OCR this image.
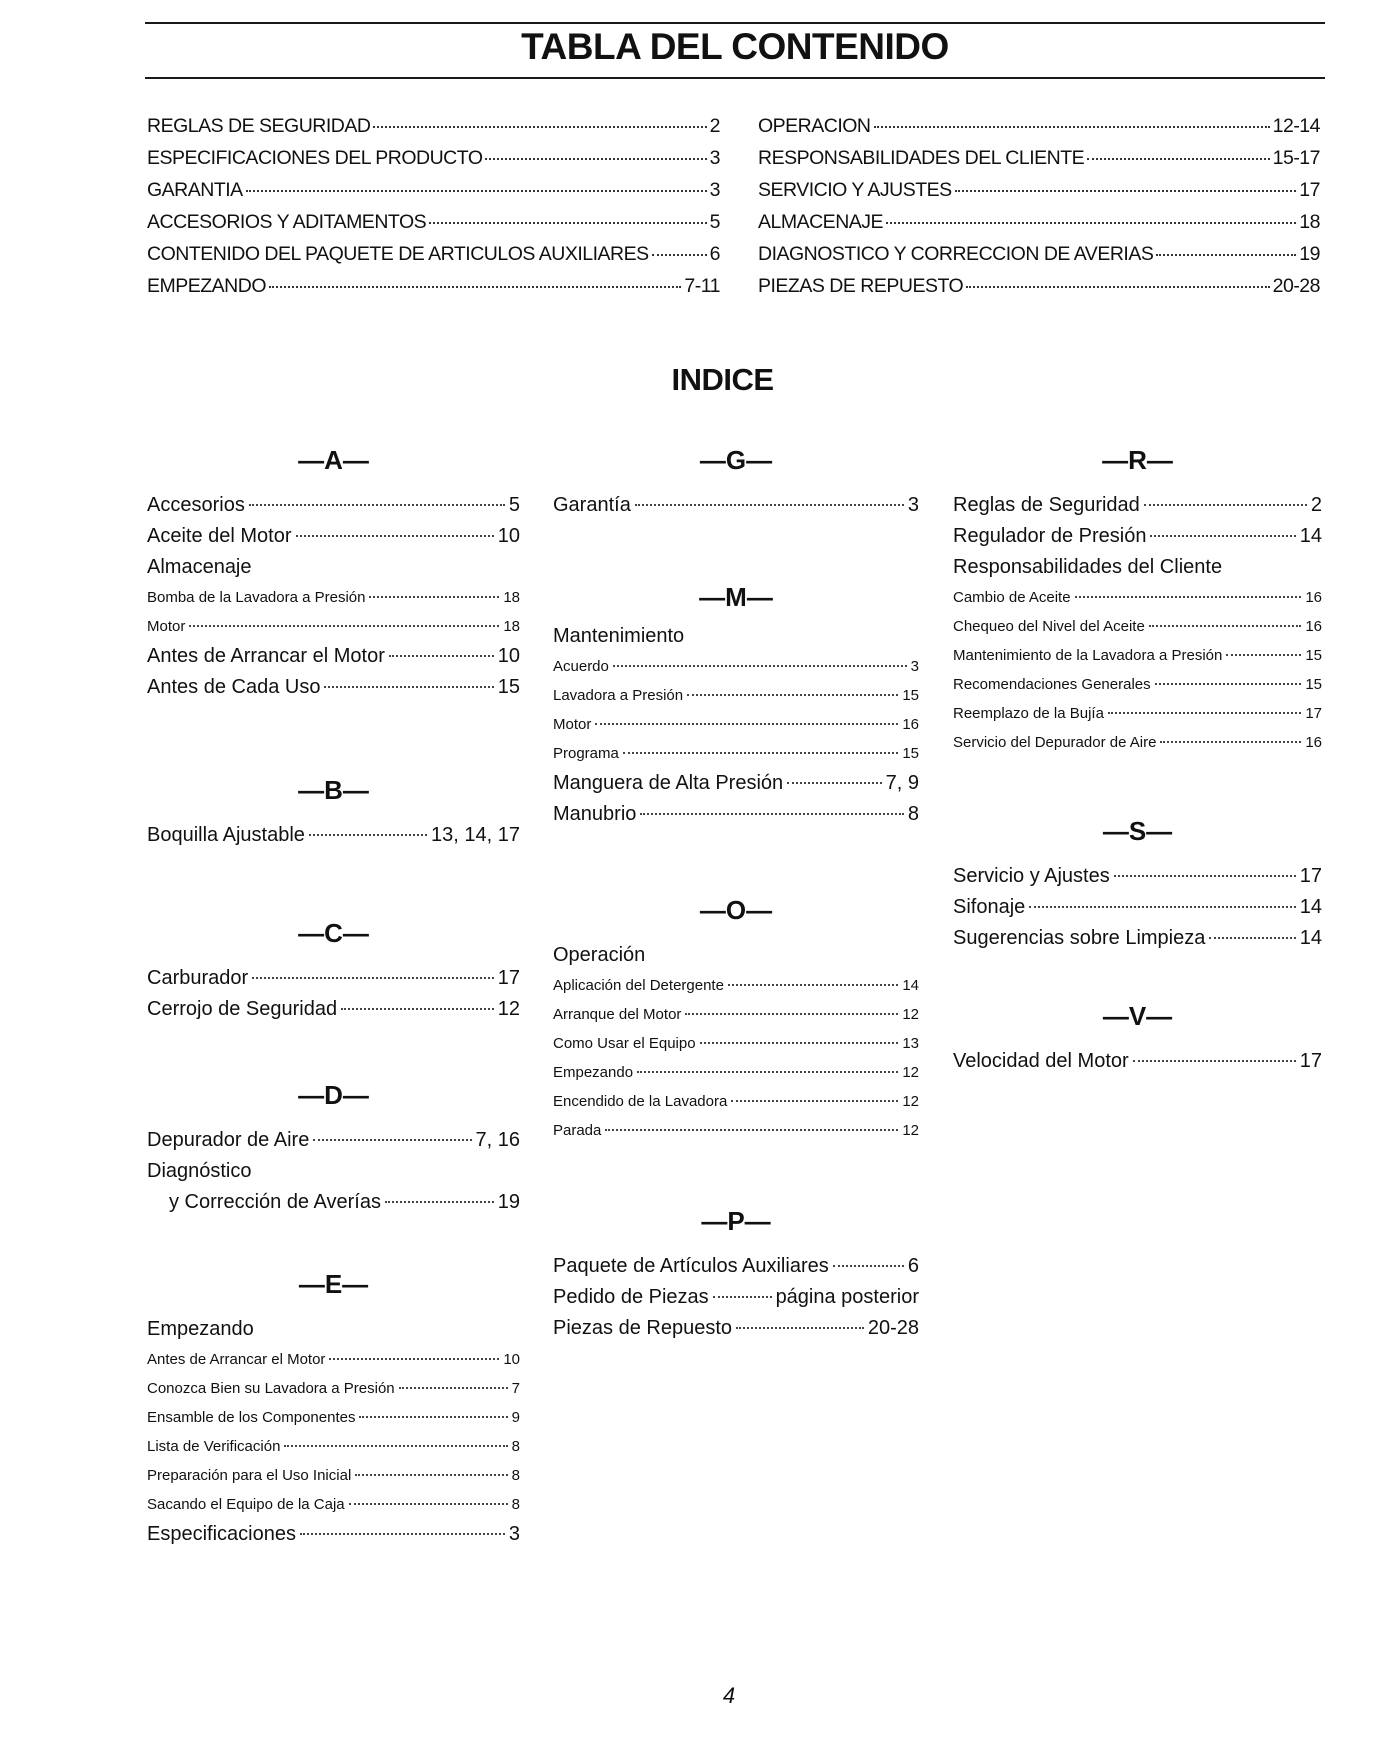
TABLA DEL CONTENIDO
REGLAS DE SEGURIDAD	2
ESPECIFICACIONES DEL PRODUCTO	3
GARANTIA	3
ACCESORIOS Y ADITAMENTOS	5
CONTENIDO DEL PAQUETE DE ARTICULOS AUXILIARES	6
EMPEZANDO	7-11
OPERACION	12-14
RESPONSABILIDADES DEL CLIENTE	15-17
SERVICIO Y AJUSTES	17
ALMACENAJE	18
DIAGNOSTICO Y CORRECCION DE AVERIAS	19
PIEZAS DE REPUESTO	20-28
INDICE
—A—
Accesorios	5
Aceite del Motor	10
Almacenaje
Bomba de la Lavadora a Presión	18
Motor	18
Antes de Arrancar el Motor	10
Antes de Cada Uso	15
—B—
Boquilla Ajustable	13, 14, 17
—C—
Carburador	17
Cerrojo de Seguridad	12
—D—
Depurador de Aire	7, 16
Diagnóstico
y Corrección de Averías	19
—E—
Empezando
Antes de Arrancar el Motor	10
Conozca Bien su Lavadora a Presión	7
Ensamble de los Componentes	9
Lista de Verificación	8
Preparación para el Uso Inicial	8
Sacando el Equipo de la Caja	8
Especificaciones	3
—G—
Garantía	3
—M—
Mantenimiento
Acuerdo	3
Lavadora a Presión	15
Motor	16
Programa	15
Manguera de Alta Presión	7, 9
Manubrio	8
—O—
Operación
Aplicación del Detergente	14
Arranque del Motor	12
Como Usar el Equipo	13
Empezando	12
Encendido de la Lavadora	12
Parada	12
—P—
Paquete de Artículos Auxiliares	6
Pedido de Piezas	página posterior
Piezas de Repuesto	20-28
—R—
Reglas de Seguridad	2
Regulador de Presión	14
Responsabilidades del Cliente
Cambio de Aceite	16
Chequeo del Nivel del Aceite	16
Mantenimiento de la Lavadora a Presión	15
Recomendaciones Generales	15
Reemplazo de la Bujía	17
Servicio del Depurador de Aire	16
—S—
Servicio y Ajustes	17
Sifonaje	14
Sugerencias sobre Limpieza	14
—V—
Velocidad del Motor	17
4
